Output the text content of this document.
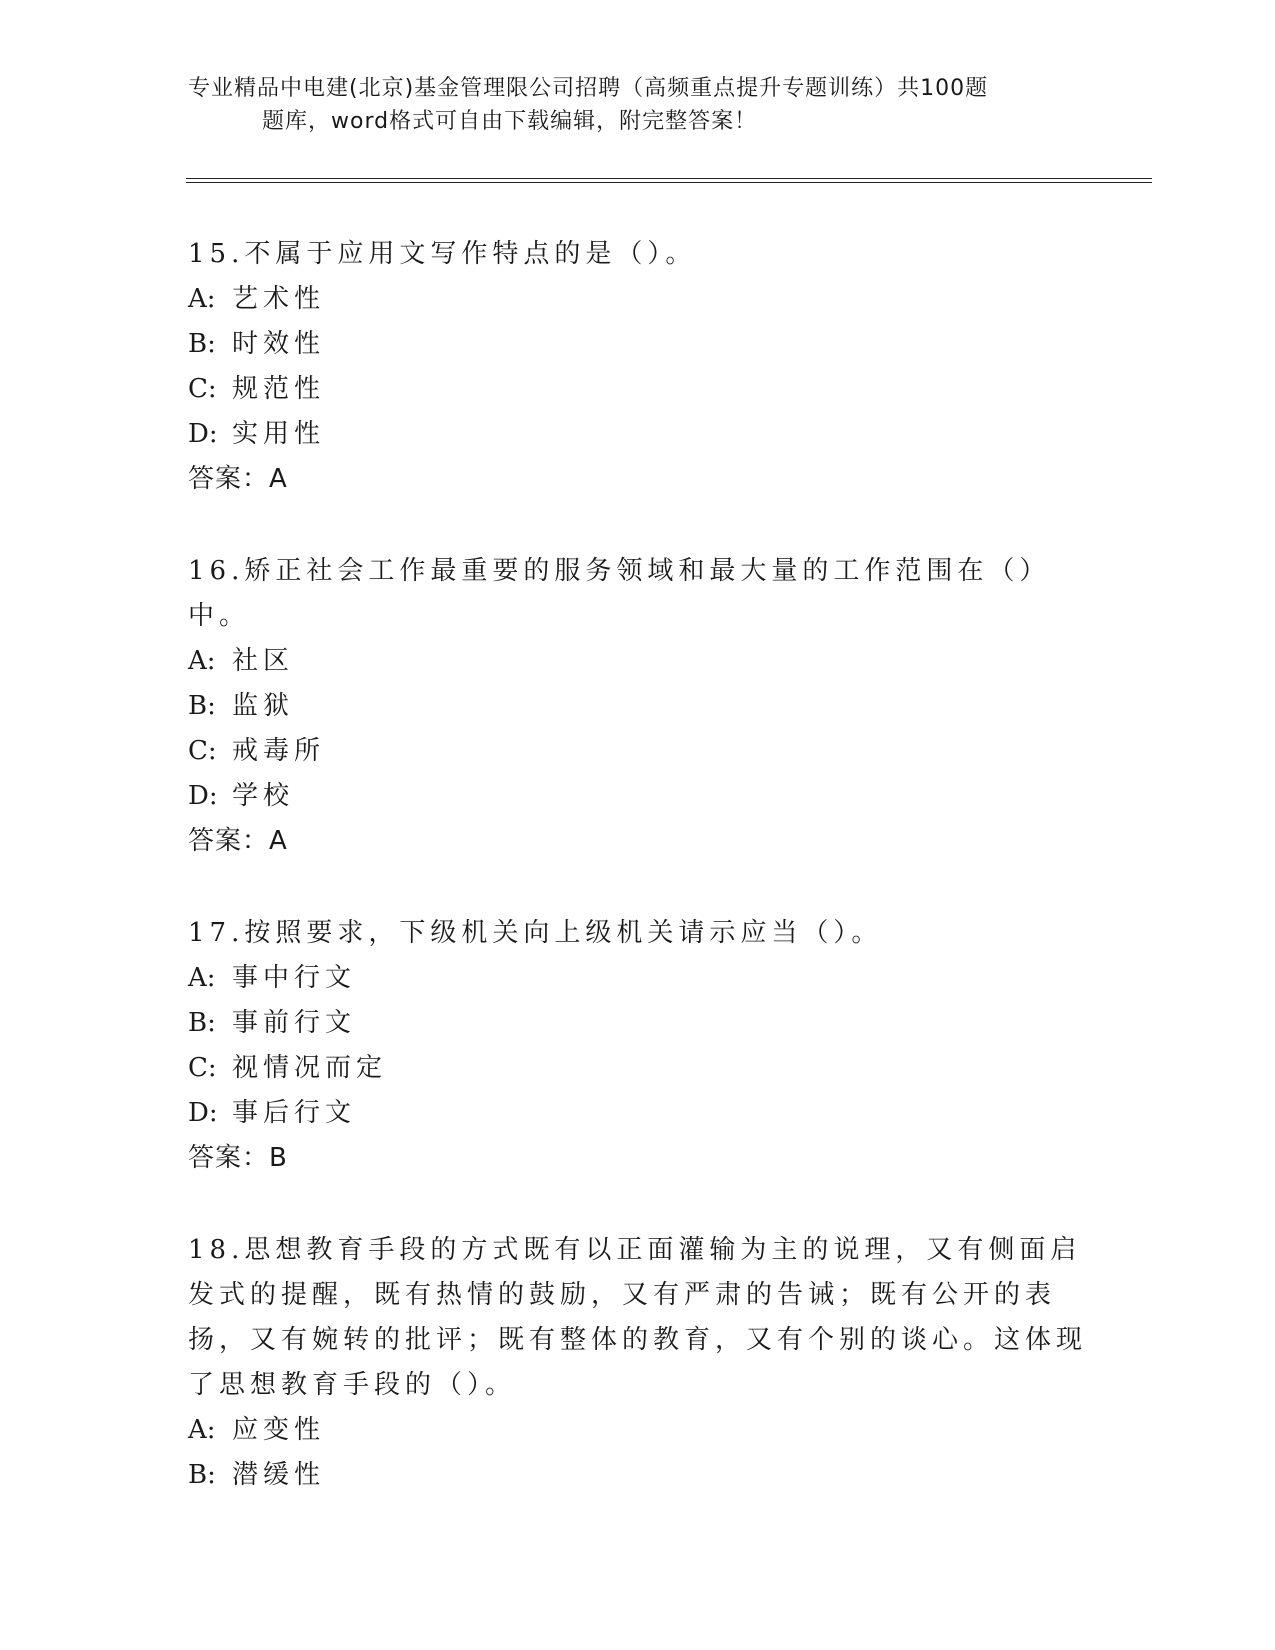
专业精品中电建(北京)基金管理限公司招聘（高频重点提升专题训练）共100题
题库，word格式可自由下载编辑，附完整答案！

15.不属于应用文写作特点的是（）。

A: 艺术性
B: 时效性
C: 规范性
D: 实用性
答案：A

16.矫正社会工作最重要的服务领域和最大量的工作范围在（）中。

A: 社区
B: 监狱
C: 戒毒所
D: 学校
答案：A

17.按照要求，下级机关向上级机关请示应当（）。

A: 事中行文
B: 事前行文
C: 视情况而定
D: 事后行文
答案：B

18.思想教育手段的方式既有以正面灌输为主的说理，又有侧面启发式的提醒，既有热情的鼓励，又有严肃的告诫；既有公开的表扬，又有婉转的批评；既有整体的教育，又有个别的谈心。这体现了思想教育手段的（）。

A: 应变性
B: 潜缓性
